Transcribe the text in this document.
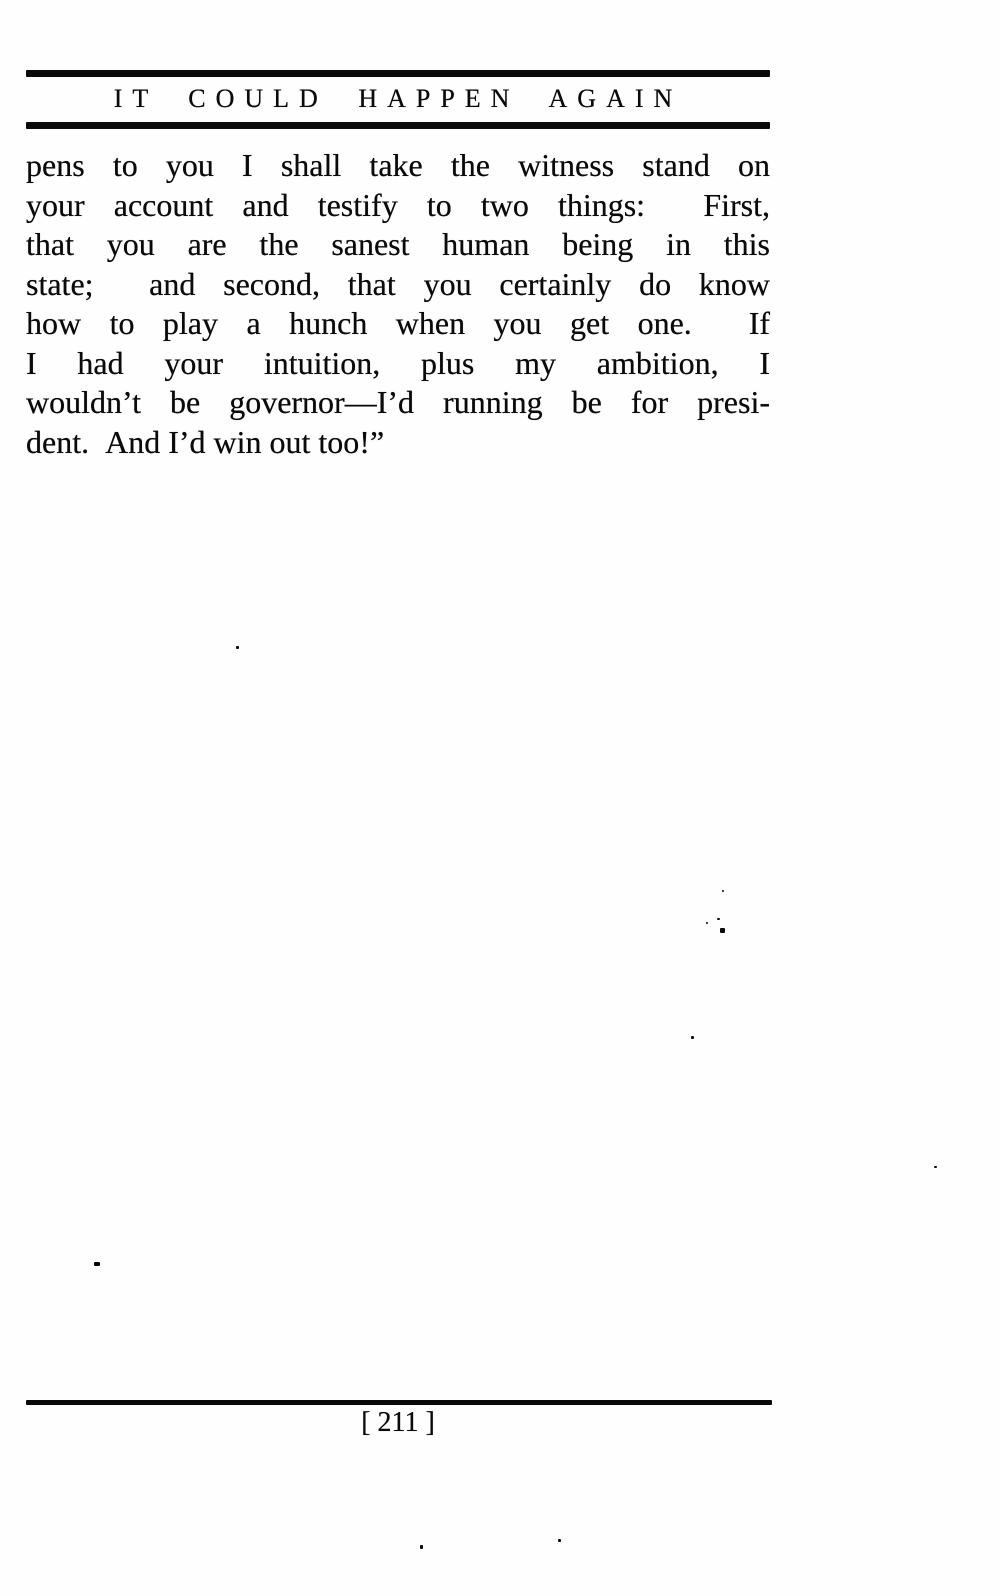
IT COULD HAPPEN AGAIN
pens to you I shall take the witness stand on
your account and testify to two things:  First,
that you are the sanest human being in this
state;  and second, that you certainly do know
how to play a hunch when you get one.  If
I had your intuition, plus my ambition, I
wouldn’t be governor—I’d running be for presi-
dent.  And I’d win out too!”
[ 211 ]
